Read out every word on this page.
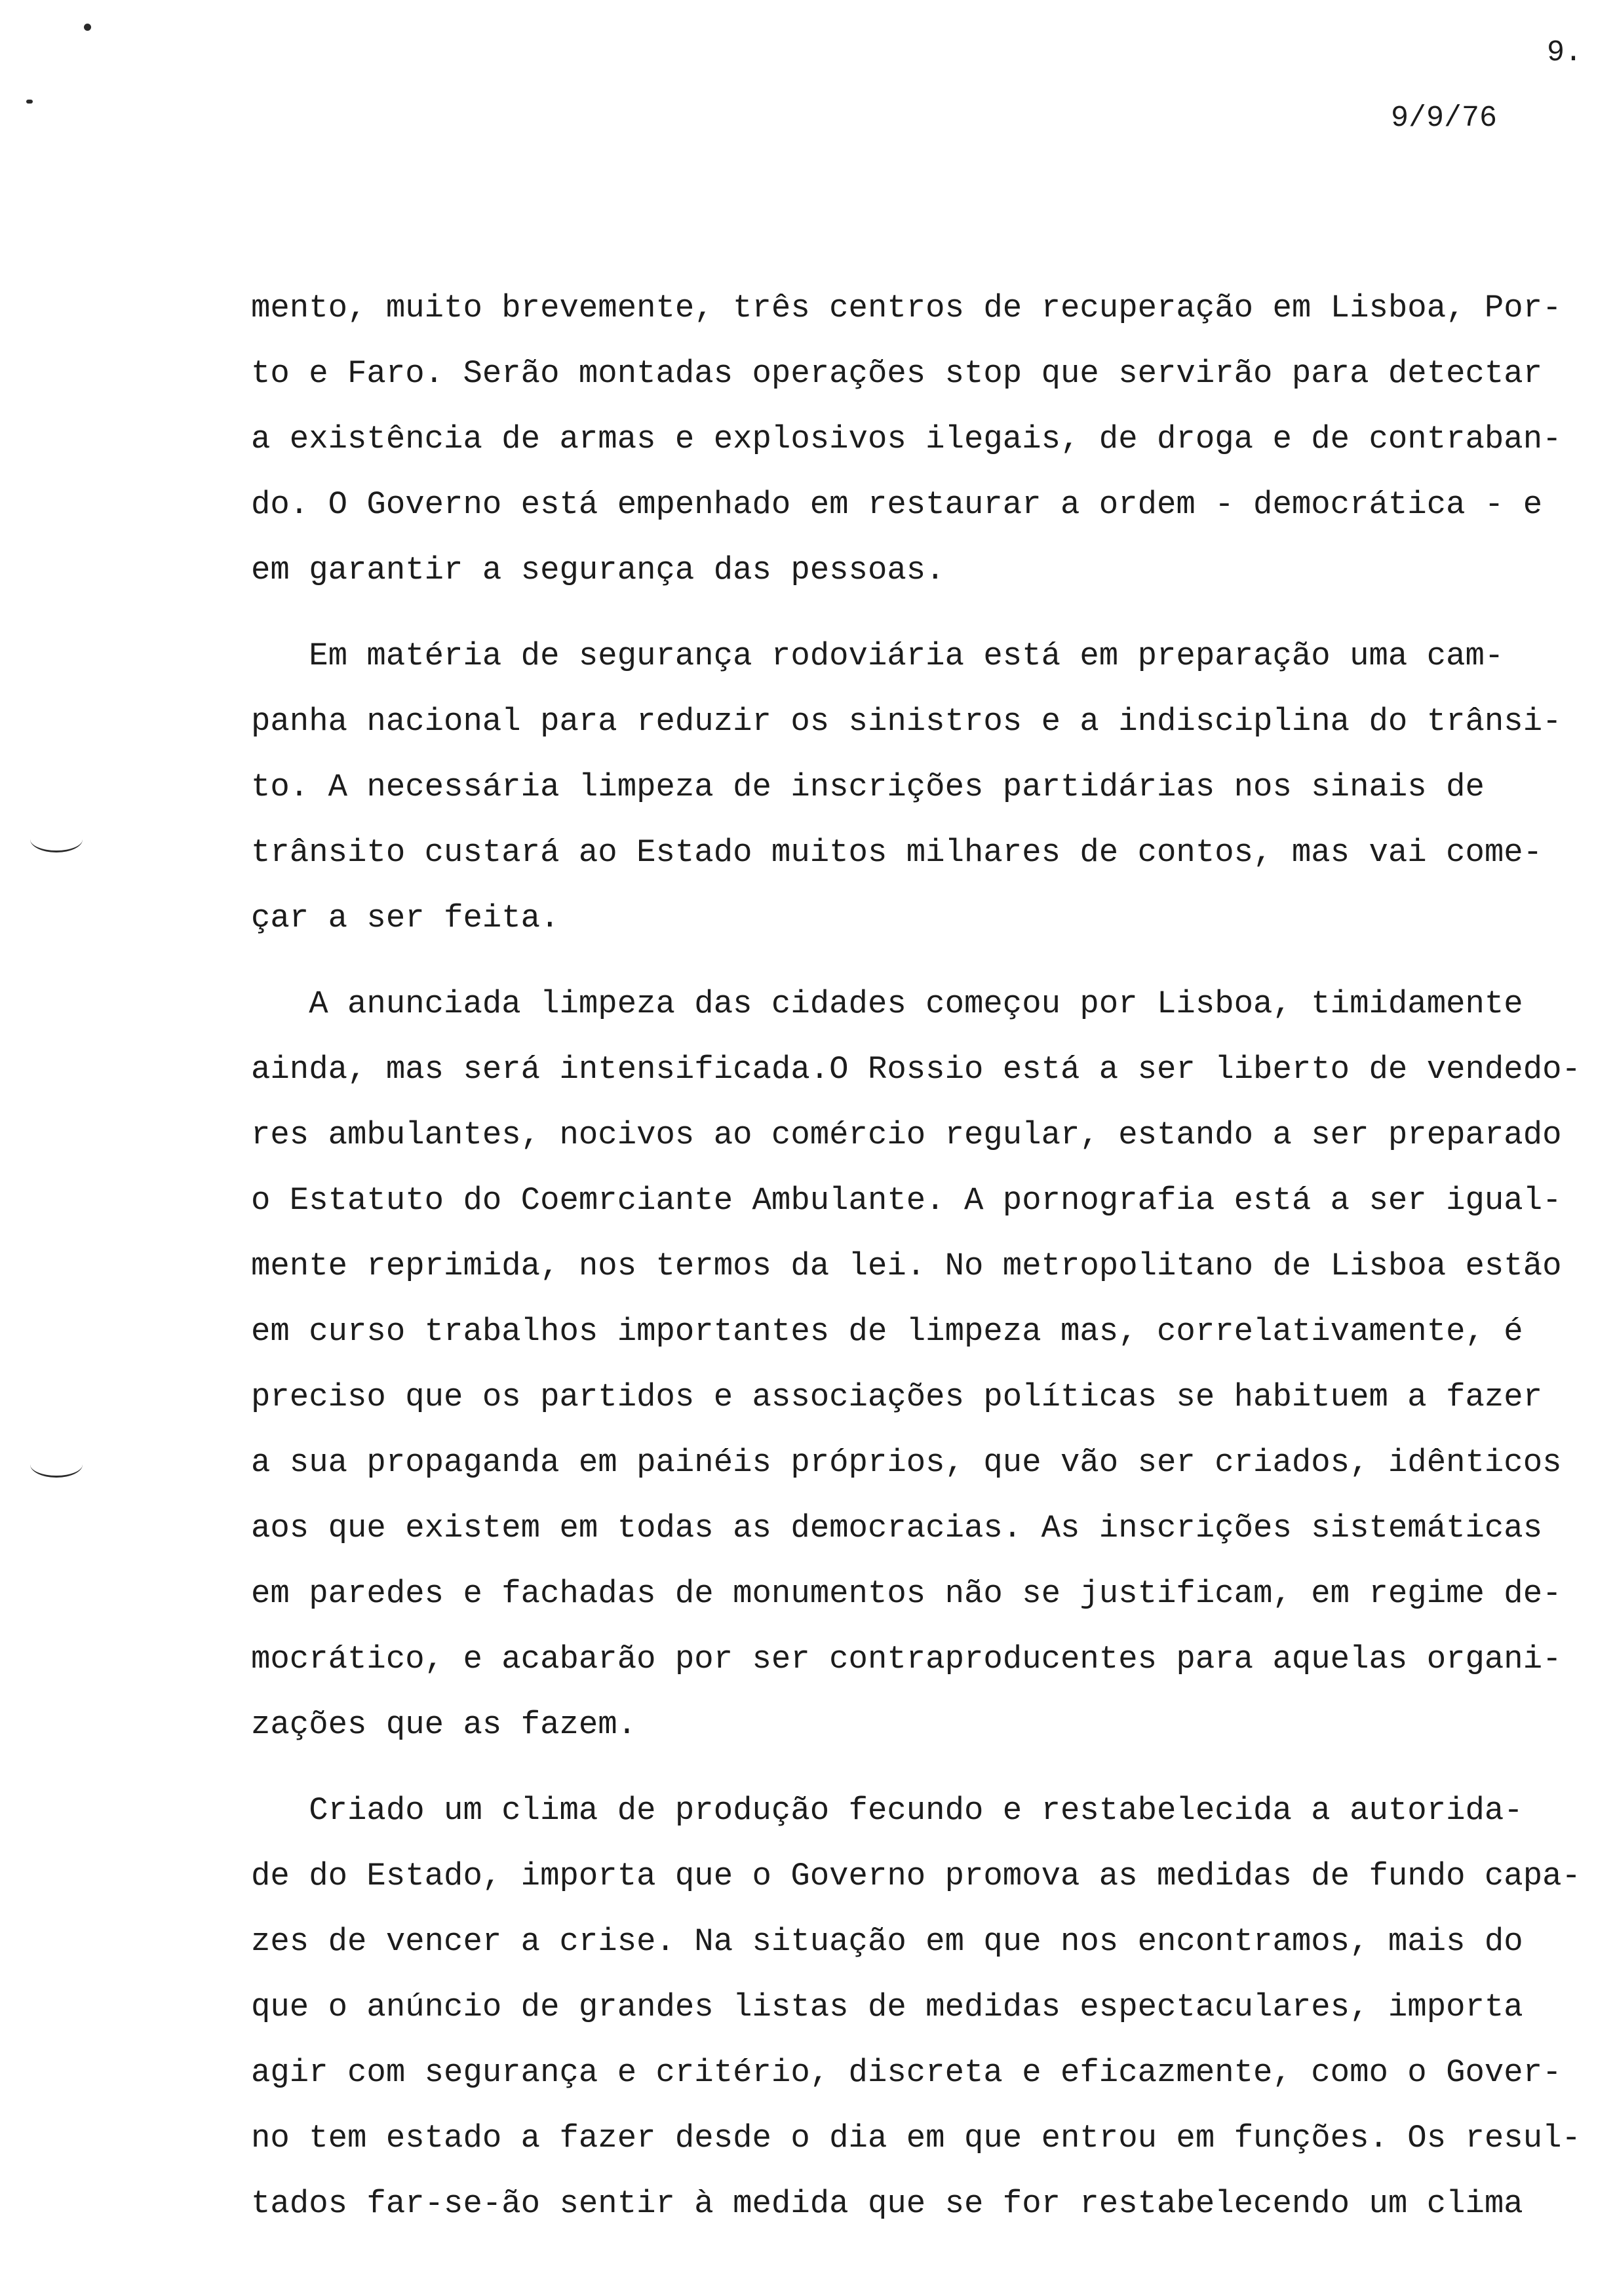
9.
9/9/76
mento, muito brevemente, três centros de recuperação em Lisboa, Por-
to e Faro. Serão montadas operações stop que servirão para detectar
a existência de armas e explosivos ilegais, de droga e de contraban-
do. O Governo está empenhado em restaurar a ordem - democrática - e
em garantir a segurança das pessoas.
Em matéria de segurança rodoviária está em preparação uma cam-
panha nacional para reduzir os sinistros e a indisciplina do trânsi-
to. A necessária limpeza de inscrições partidárias nos sinais de
trânsito custará ao Estado muitos milhares de contos, mas vai come-
çar a ser feita.
A anunciada limpeza das cidades começou por Lisboa, timidamente
ainda, mas será intensificada.O Rossio está a ser liberto de vendedo-
res ambulantes, nocivos ao comércio regular, estando a ser preparado
o Estatuto do Coemrciante Ambulante. A pornografia está a ser igual-
mente reprimida, nos termos da lei. No metropolitano de Lisboa estão
em curso trabalhos importantes de limpeza mas, correlativamente, é
preciso que os partidos e associações políticas se habituem a fazer
a sua propaganda em painéis próprios, que vão ser criados, idênticos
aos que existem em todas as democracias. As inscrições sistemáticas
em paredes e fachadas de monumentos não se justificam, em regime de-
mocrático, e acabarão por ser contraproducentes para aquelas organi-
zações que as fazem.
Criado um clima de produção fecundo e restabelecida a autorida-
de do Estado, importa que o Governo promova as medidas de fundo capa-
zes de vencer a crise. Na situação em que nos encontramos, mais do
que o anúncio de grandes listas de medidas espectaculares, importa
agir com segurança e critério, discreta e eficazmente, como o Gover-
no tem estado a fazer desde o dia em que entrou em funções. Os resul-
tados far-se-ão sentir à medida que se for restabelecendo um clima
